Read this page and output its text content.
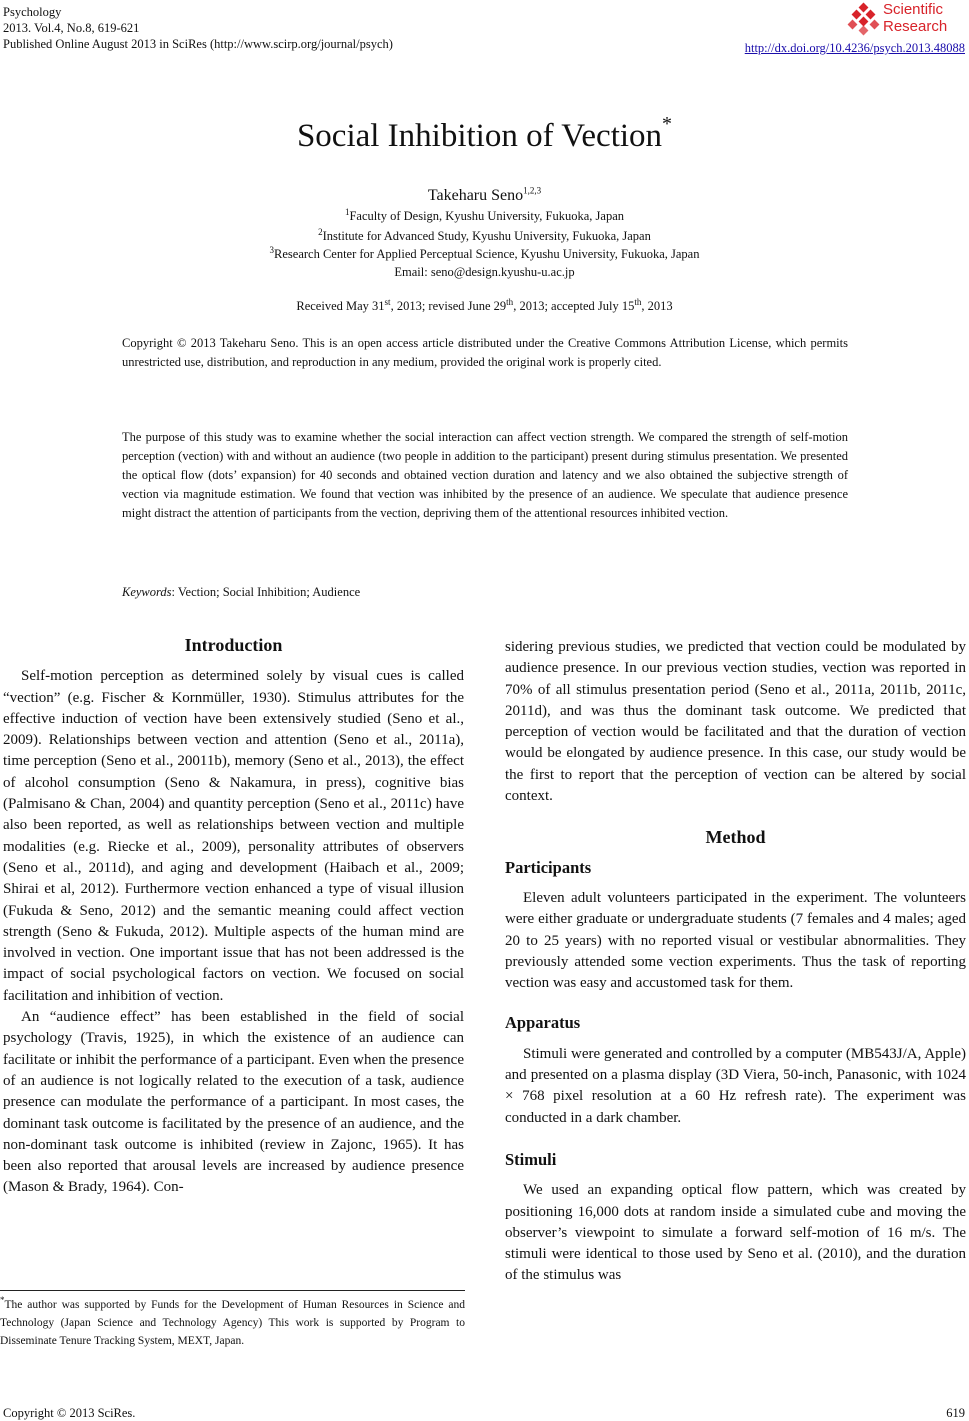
Psychology
2013. Vol.4, No.8, 619-621
Published Online August 2013 in SciRes (http://www.scirp.org/journal/psych)	http://dx.doi.org/10.4236/psych.2013.48088
Scientific
Research
Social Inhibition of Vection*
Takeharu Seno$^{1,2,3}$
$^1$Faculty of Design, Kyushu University, Fukuoka, Japan
$^2$Institute for Advanced Study, Kyushu University, Fukuoka, Japan
$^3$Research Center for Applied Perceptual Science, Kyushu University, Fukuoka, Japan
Email: seno@design.kyushu-u.ac.jp
Received May 31st, 2013; revised June 29th, 2013; accepted July 15th, 2013
Copyright © 2013 Takeharu Seno. This is an open access article distributed under the Creative Commons Attribution License, which permits unrestricted use, distribution, and reproduction in any medium, provided the original work is properly cited.
The purpose of this study was to examine whether the social interaction can affect vection strength. We compared the strength of self-motion perception (vection) with and without an audience (two people in addition to the participant) present during stimulus presentation. We presented the optical flow (dots’ expansion) for 40 seconds and obtained vection duration and latency and we also obtained the subjective strength of vection via magnitude estimation. We found that vection was inhibited by the presence of an audience. We speculate that audience presence might distract the attention of participants from the vection, depriving them of the attentional resources inhibited vection.
Keywords: Vection; Social Inhibition; Audience
Introduction

Self-motion perception as determined solely by visual cues is called “vection” (e.g. Fischer & Kornmüller, 1930). Stimulus attributes for the effective induction of vection have been extensively studied (Seno et al., 2009). Relationships between vection and attention (Seno et al., 2011a), time perception (Seno et al., 20011b), memory (Seno et al., 2013), the effect of alcohol consumption (Seno & Nakamura, in press), cognitive bias (Palmisano & Chan, 2004) and quantity perception (Seno et al., 2011c) have also been reported, as well as relationships between vection and multiple modalities (e.g. Riecke et al., 2009), personality attributes of observers (Seno et al., 2011d), and aging and development (Haibach et al., 2009; Shirai et al, 2012). Furthermore vection enhanced a type of visual illusion (Fukuda & Seno, 2012) and the semantic meaning could affect vection strength (Seno & Fukuda, 2012). Multiple aspects of the human mind are involved in vection. One important issue that has not been addressed is the impact of social psychological factors on vection. We focused on social facilitation and inhibition of vection.

An “audience effect” has been established in the field of social psychology (Travis, 1925), in which the existence of an audience can facilitate or inhibit the performance of a participant. Even when the presence of an audience is not logically related to the execution of a task, audience presence can modulate the performance of a participant. In most cases, the dominant task outcome is facilitated by the presence of an audience, and the non-dominant task outcome is inhibited (review in Zajonc, 1965). It has been also reported that arousal levels are increased by audience presence (Mason & Brady, 1964). Con-

*The author was supported by Funds for the Development of Human Resources in Science and Technology (Japan Science and Technology Agency) This work is supported by Program to Disseminate Tenure Tracking System, MEXT, Japan.

sidering previous studies, we predicted that vection could be modulated by audience presence. In our previous vection studies, vection was reported in 70% of all stimulus presentation period (Seno et al., 2011a, 2011b, 2011c, 2011d), and was thus the dominant task outcome. We predicted that perception of vection would be facilitated and that the duration of vection would be elongated by audience presence. In this case, our study would be the first to report that the perception of vection can be altered by social context.

Method
Participants

Eleven adult volunteers participated in the experiment. The volunteers were either graduate or undergraduate students (7 females and 4 males; aged 20 to 25 years) with no reported visual or vestibular abnormalities. They previously attended some vection experiments. Thus the task of reporting vection was easy and accustomed task for them.

Apparatus

Stimuli were generated and controlled by a computer (MB543J/A, Apple) and presented on a plasma display (3D Viera, 50-inch, Panasonic, with 1024 × 768 pixel resolution at a 60 Hz refresh rate). The experiment was conducted in a dark chamber.

Stimuli

We used an expanding optical flow pattern, which was created by positioning 16,000 dots at random inside a simulated cube and moving the observer’s viewpoint to simulate a forward self-motion of 16 m/s. The stimuli were identical to those used by Seno et al. (2010), and the duration of the stimulus was

Copyright © 2013 SciRes.	619
